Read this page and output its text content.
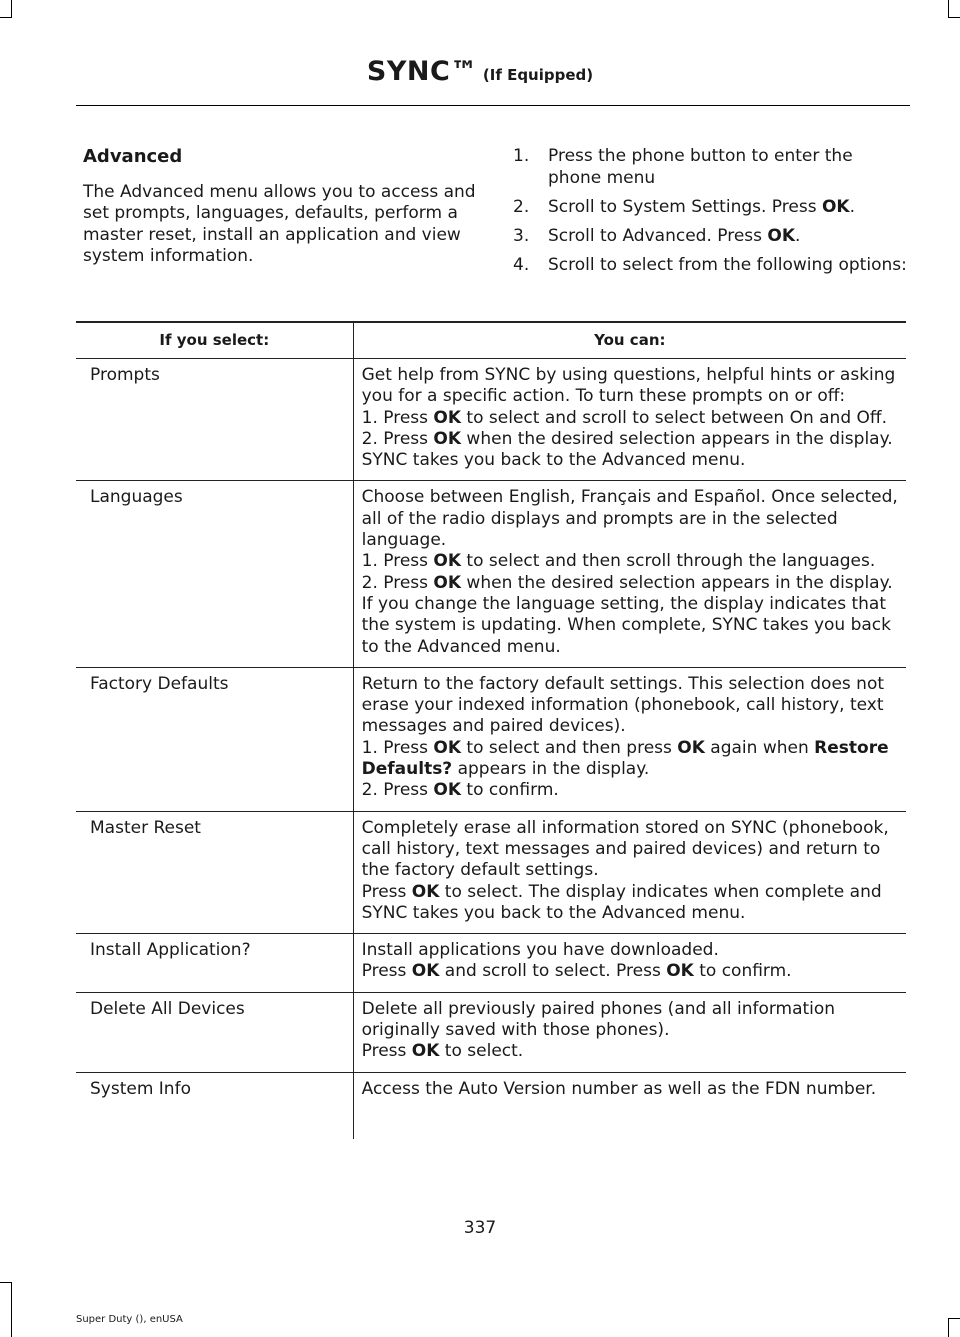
SYNC™ (If Equipped)
Advanced

The Advanced menu allows you to access and set prompts, languages, defaults, perform a master reset, install an application and view system information.

1. Press the phone button to enter the phone menu
2. Scroll to System Settings. Press OK.
3. Scroll to Advanced. Press OK.
4. Scroll to select from the following options:
If you select:	You can:
Prompts	Get help from SYNC by using questions, helpful hints or asking you for a specific action. To turn these prompts on or off:
1. Press OK to select and scroll to select between On and Off.
2. Press OK when the desired selection appears in the display. SYNC takes you back to the Advanced menu.

Languages	Choose between English, Français and Español. Once selected, all of the radio displays and prompts are in the selected language.
1. Press OK to select and then scroll through the languages.
2. Press OK when the desired selection appears in the display. If you change the language setting, the display indicates that the system is updating. When complete, SYNC takes you back to the Advanced menu.

Factory Defaults	Return to the factory default settings. This selection does not erase your indexed information (phonebook, call history, text messages and paired devices).
1. Press OK to select and then press OK again when Restore Defaults? appears in the display.
2. Press OK to confirm.

Master Reset	Completely erase all information stored on SYNC (phonebook, call history, text messages and paired devices) and return to the factory default settings.
Press OK to select. The display indicates when complete and SYNC takes you back to the Advanced menu.

Install Application?	Install applications you have downloaded.
Press OK and scroll to select. Press OK to confirm.

Delete All Devices	Delete all previously paired phones (and all information originally saved with those phones).
Press OK to select.

System Info	Access the Auto Version number as well as the FDN number.
337
Super Duty (), enUSA
